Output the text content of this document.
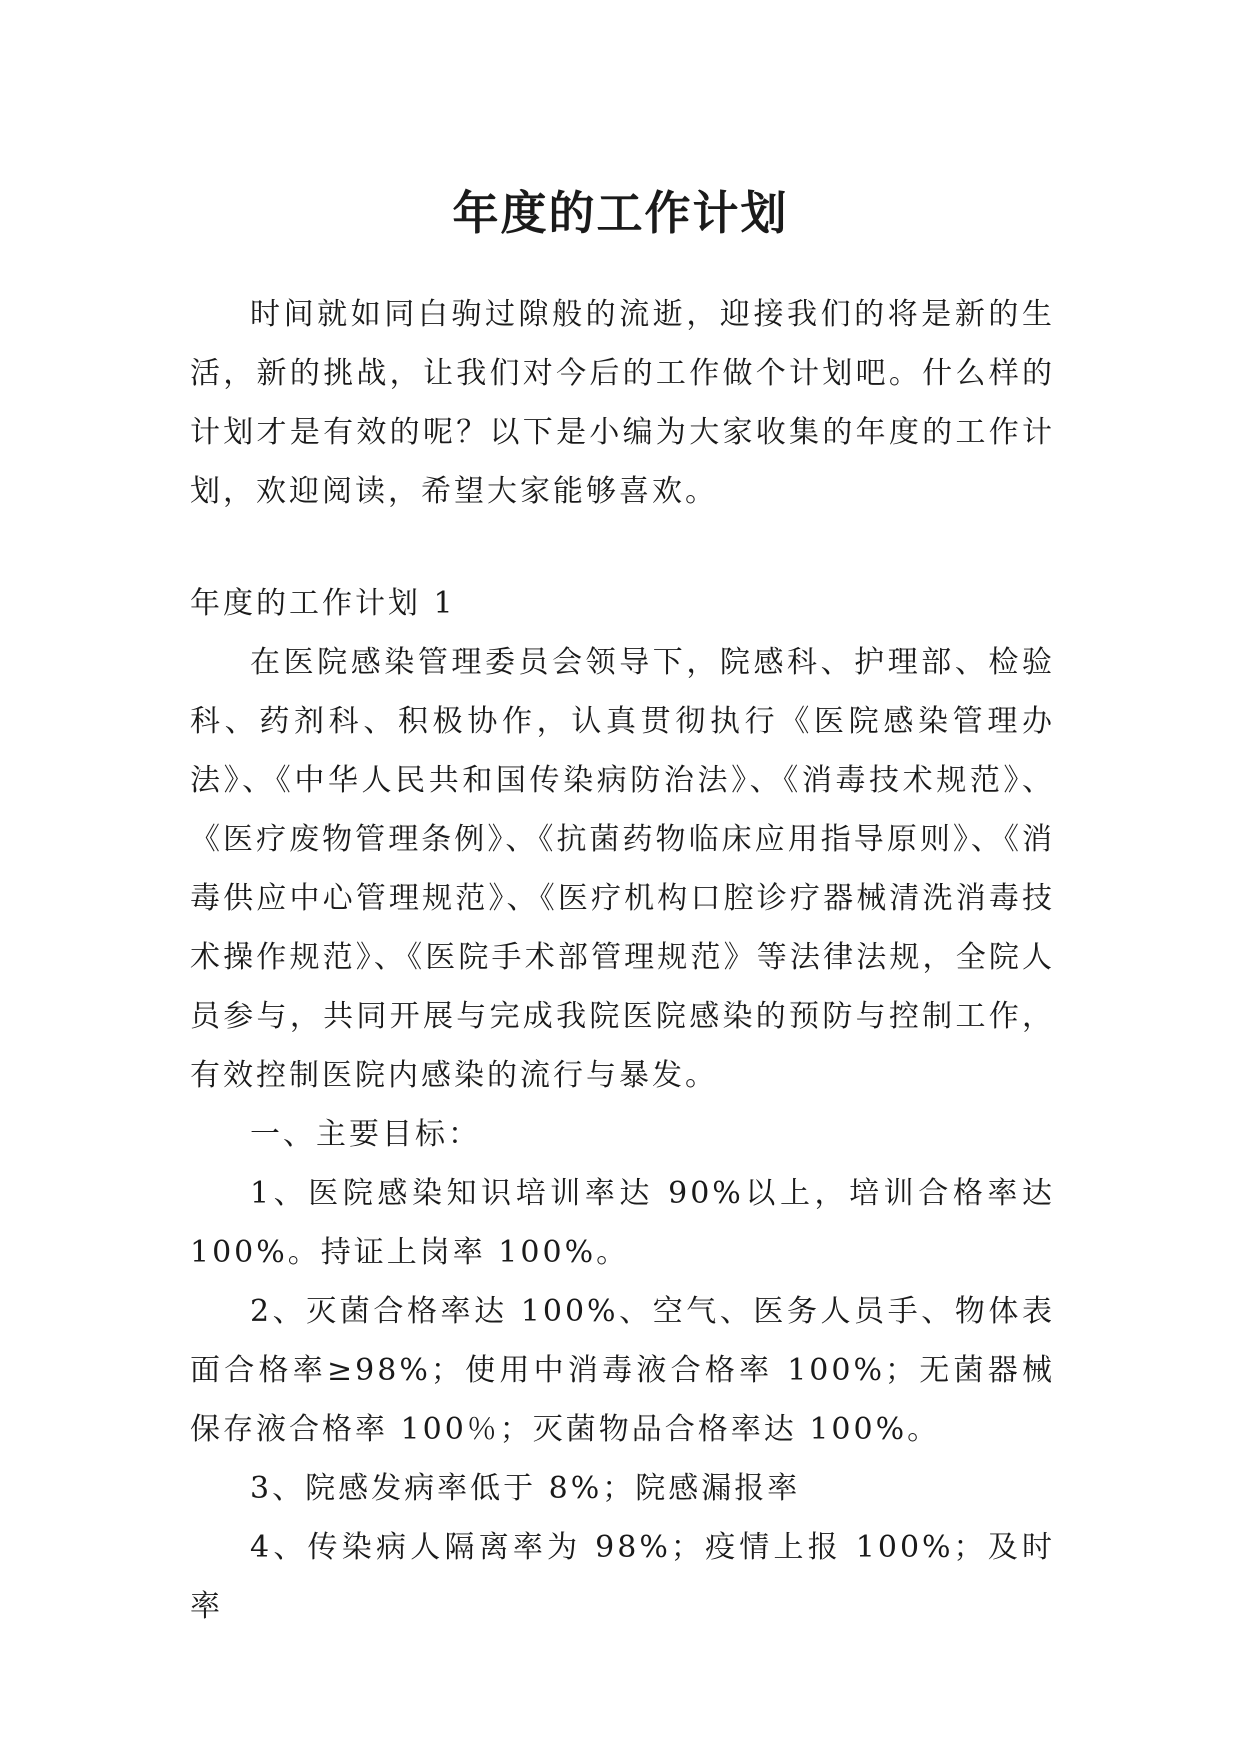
年度的工作计划

时间就如同白驹过隙般的流逝，迎接我们的将是新的生活，新的挑战，让我们对今后的工作做个计划吧。什么样的计划才是有效的呢？以下是小编为大家收集的年度的工作计划，欢迎阅读，希望大家能够喜欢。

年度的工作计划 1

在医院感染管理委员会领导下，院感科、护理部、检验科、药剂科、积极协作，认真贯彻执行《医院感染管理办法》、《中华人民共和国传染病防治法》、《消毒技术规范》、《医疗废物管理条例》、《抗菌药物临床应用指导原则》、《消毒供应中心管理规范》、《医疗机构口腔诊疗器械清洗消毒技术操作规范》、《医院手术部管理规范》等法律法规，全院人员参与，共同开展与完成我院医院感染的预防与控制工作，有效控制医院内感染的流行与暴发。

一、主要目标：

1、医院感染知识培训率达 90%以上，培训合格率达 100%。持证上岗率 100%。

2、灭菌合格率达 100%、空气、医务人员手、物体表面合格率≥98%；使用中消毒液合格率 100%；无菌器械保存液合格率 100％；灭菌物品合格率达 100%。

3、院感发病率低于 8%；院感漏报率

4、传染病人隔离率为 98%；疫情上报 100%；及时率
